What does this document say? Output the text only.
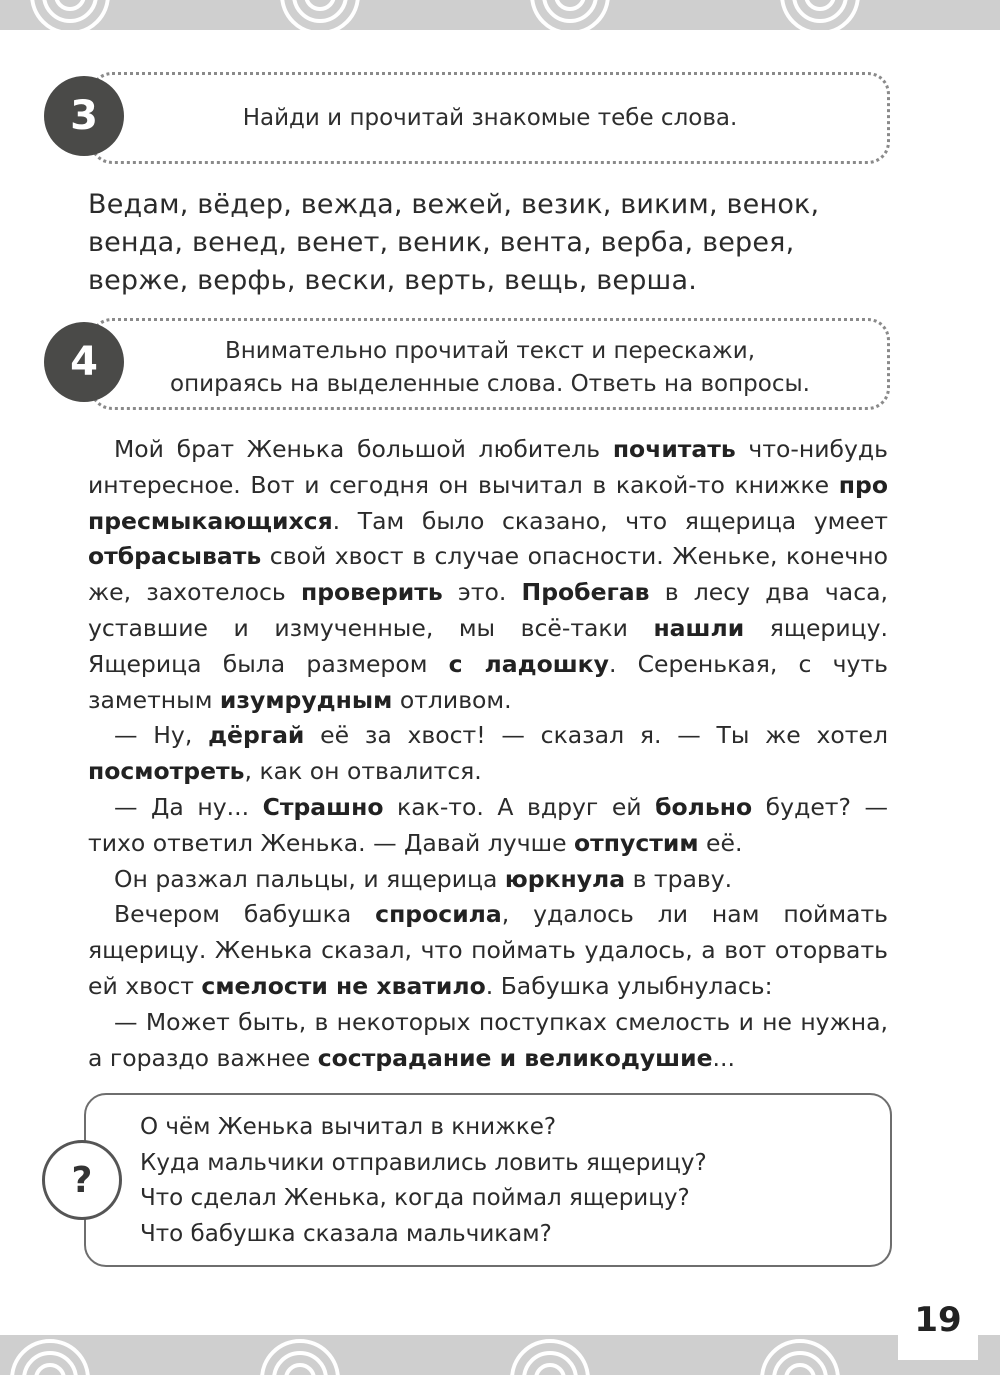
Найди и прочитай знакомые тебе слова.
3
Ведам, вёдер, вежда, вежей, везик, виким, венок,
венда, венед, венет, веник, вента, верба, верея,
верже, верфь, вески, верть, вещь, верша.
Внимательно прочитай текст и перескажи,
опираясь на выделенные слова. Ответь на вопросы.
4

Мой брат Женька большой любитель почитать что-нибудь интересное. Вот и сегодня он вычитал в какой-то книжке про пресмыкающихся. Там было сказано, что ящерица умеет отбрасывать свой хвост в случае опасности. Женьке, конечно же, захотелось проверить это. Пробегав в лесу два часа, уставшие и измученные, мы всё-таки нашли ящерицу. Ящерица была размером с ладошку. Серенькая, с чуть заметным изумрудным отливом.

— Ну, дёргай её за хвост! — сказал я. — Ты же хотел посмотреть, как он отвалится.

— Да ну... Страшно как-то. А вдруг ей больно будет? — тихо ответил Женька. — Давай лучше отпустим её.

Он разжал пальцы, и ящерица юркнула в траву.

Вечером бабушка спросила, удалось ли нам поймать ящерицу. Женька сказал, что поймать удалось, а вот оторвать ей хвост смелости не хватило. Бабушка улыбнулась:

— Может быть, в некоторых поступках смелость и не нужна, а гораздо важнее сострадание и великодушие...

?
О чём Женька вычитал в книжке?
Куда мальчики отправились ловить ящерицу?
Что сделал Женька, когда поймал ящерицу?
Что бабушка сказала мальчикам?
19
